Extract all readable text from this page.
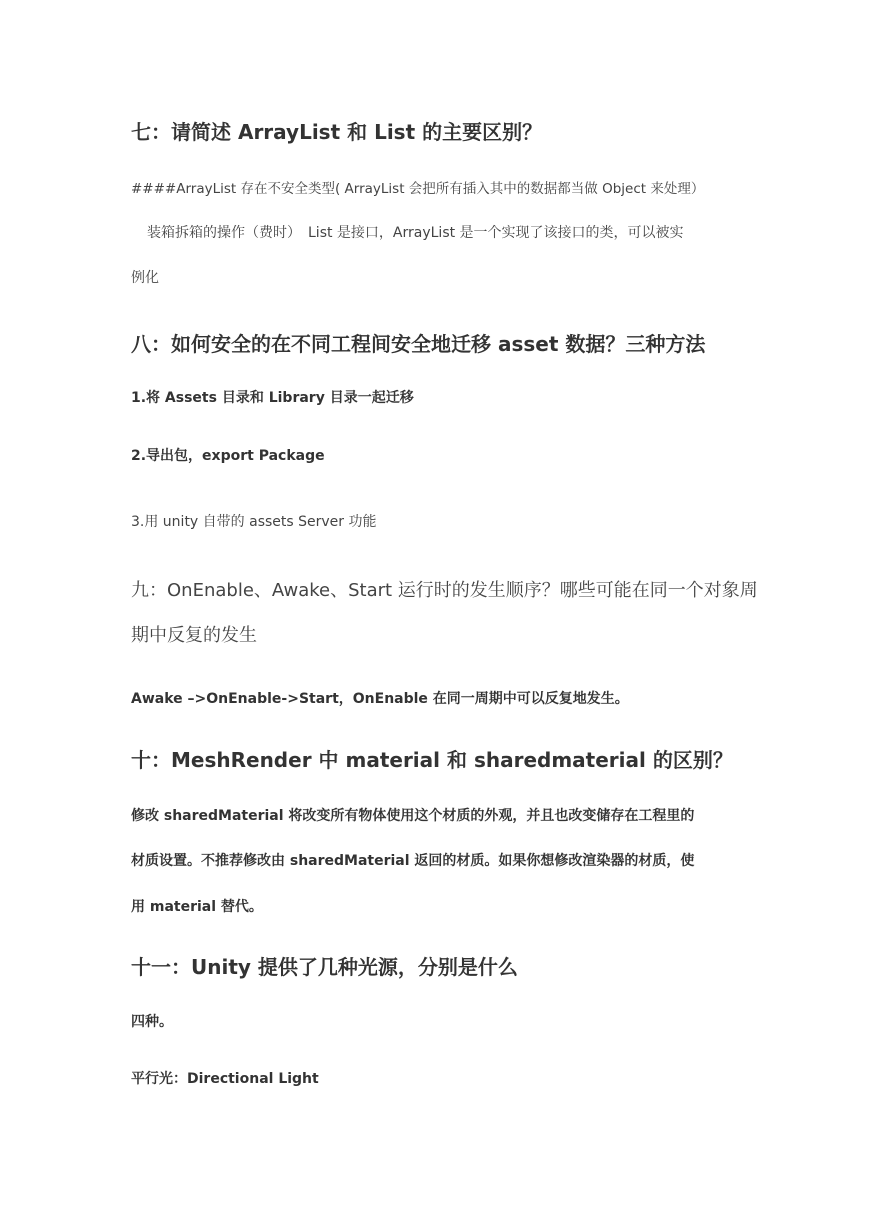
七：请简述 ArrayList 和 List 的主要区别？
####ArrayList 存在不安全类型( ArrayList 会把所有插入其中的数据都当做 Object 来处理）
装箱拆箱的操作（费时）　List 是接口，ArrayList 是一个实现了该接口的类，可以被实
例化
八：如何安全的在不同工程间安全地迁移 asset 数据？三种方法
1.将 Assets 目录和 Library 目录一起迁移
2.导出包，export Package
3.用 unity 自带的 assets Server 功能
九：OnEnable、Awake、Start 运行时的发生顺序？哪些可能在同一个对象周
期中反复的发生
Awake –>OnEnable->Start，OnEnable 在同一周期中可以反复地发生。
十：MeshRender 中 material 和 sharedmaterial 的区别？
修改 sharedMaterial 将改变所有物体使用这个材质的外观，并且也改变储存在工程里的
材质设置。不推荐修改由 sharedMaterial 返回的材质。如果你想修改渲染器的材质，使
用 material 替代。
十一：Unity 提供了几种光源，分别是什么
四种。
平行光：Directional Light
